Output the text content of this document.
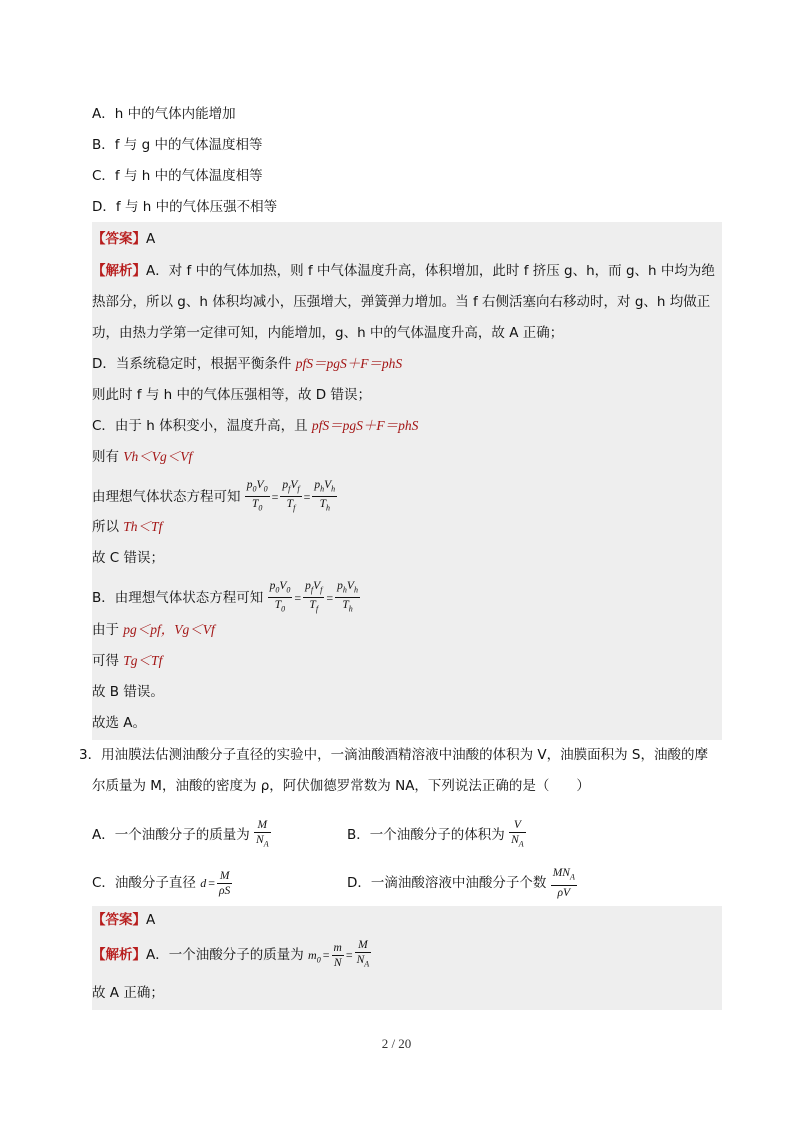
A．h 中的气体内能增加
B．f 与 g 中的气体温度相等
C．f 与 h 中的气体温度相等
D．f 与 h 中的气体压强不相等
【答案】A
【解析】A．对 f 中的气体加热，则 f 中气体温度升高，体积增加，此时 f 挤压 g、h，而 g、h 中均为绝
热部分，所以 g、h 体积均减小，压强增大，弹簧弹力增加。当 f 右侧活塞向右移动时，对 g、h 均做正
功，由热力学第一定律可知，内能增加，g、h 中的气体温度升高，故 A 正确；
D．当系统稳定时，根据平衡条件 pfS＝pgS＋F＝phS
则此时 f 与 h 中的气体压强相等，故 D 错误；
C．由于 h 体积变小，温度升高，且 pfS＝pgS＋F＝phS
则有 Vh＜Vg＜Vf
由理想气体状态方程可知 $\frac{p_0V_0}{T_0} = \frac{p_fV_f}{T_f} = \frac{p_hV_h}{T_h}$
所以 Th＜Tf
故 C 错误；
B．由理想气体状态方程可知 $\frac{p_0V_0}{T_0} = \frac{p_fV_f}{T_f} = \frac{p_hV_h}{T_h}$
由于 pg＜pf，Vg＜Vf
可得 Tg＜Tf
故 B 错误。
故选 A。
3．用油膜法估测油酸分子直径的实验中，一滴油酸酒精溶液中油酸的体积为 V，油膜面积为 S，油酸的摩
尔质量为 M，油酸的密度为 ρ，阿伏伽德罗常数为 NA，下列说法正确的是（　　）
A．一个油酸分子的质量为 $\frac{M}{N_A}$	B．一个油酸分子的体积为 $\frac{V}{N_A}$
C．油酸分子直径 $d = \frac{M}{\rho S}$	D．一滴油酸溶液中油酸分子个数 $\frac{MN_A}{\rho V}$
【答案】A
【解析】A．一个油酸分子的质量为 $m_0 = \frac{m}{N} = \frac{M}{N_A}$
故 A 正确；
2 / 20
